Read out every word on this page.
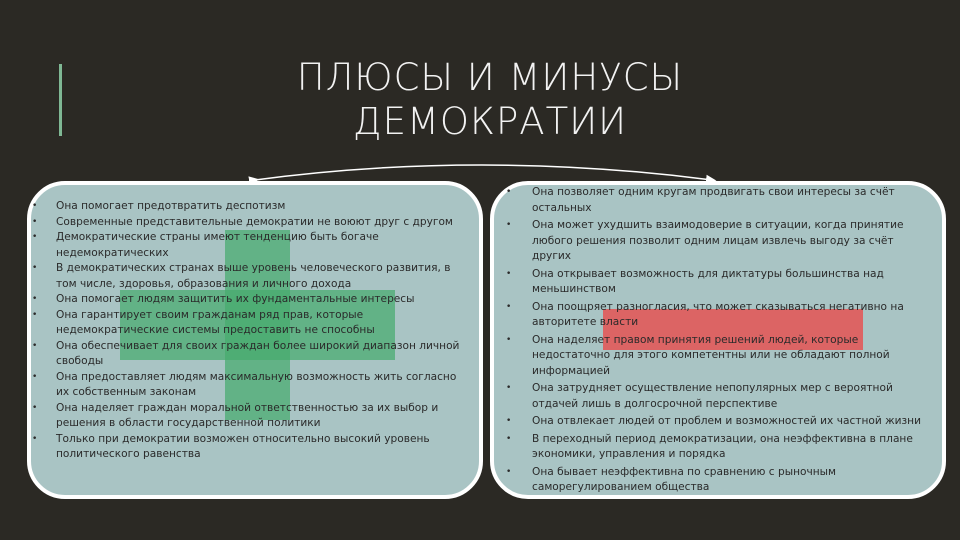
ПЛЮСЫ И МИНУСЫ
ДЕМОКРАТИИ
• Она помогает предотвратить деспотизм
• Современные представительные демократии не воюют друг с другом
• Демократические страны имеют тенденцию быть богаче недемократических
• В демократических странах выше уровень человеческого развития, в том числе, здоровья, образования и личного дохода
• Она помогает людям защитить их фундаментальные интересы
• Она гарантирует своим гражданам ряд прав, которые недемократические системы предоставить не способны
• Она обеспечивает для своих граждан более широкий диапазон личной свободы
• Она предоставляет людям максимальную возможность жить согласно их собственным законам
• Она наделяет граждан моральной ответственностью за их выбор и решения в области государственной политики
• Только при демократии возможен относительно высокий уровень политического равенства
• Она позволяет одним кругам продвигать свои интересы за счёт остальных
• Она может ухудшить взаимодоверие в ситуации, когда принятие любого решения позволит одним лицам извлечь выгоду за счёт других
• Она открывает возможность для диктатуры большинства над меньшинством
• Она поощряет разногласия, что может сказываться негативно на авторитете власти
• Она наделяет правом принятия решений людей, которые недостаточно для этого компетентны или не обладают полной информацией
• Она затрудняет осуществление непопулярных мер с вероятной отдачей лишь в долгосрочной перспективе
• Она отвлекает людей от проблем и возможностей их частной жизни
• В переходный период демократизации, она неэффективна в плане экономики, управления и порядка
• Она бывает неэффективна по сравнению с рыночным саморегулированием общества
